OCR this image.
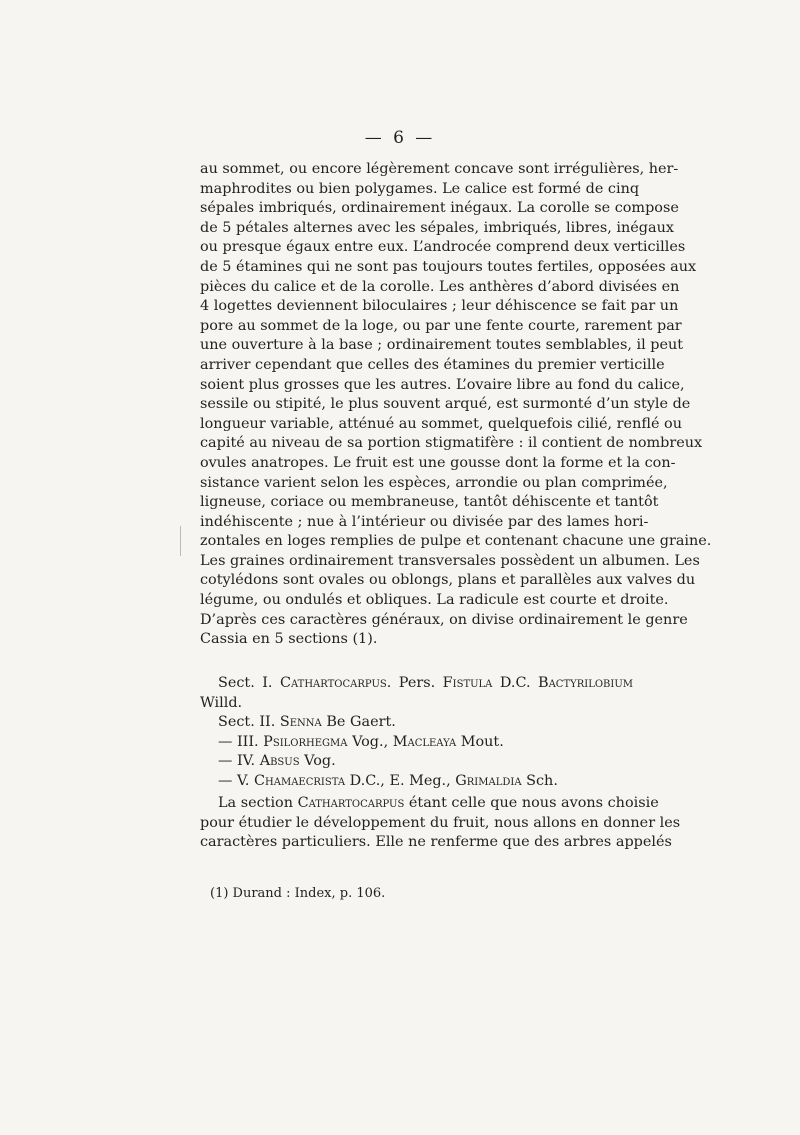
— 6 —
au sommet, ou encore légèrement concave sont irrégulières, her-
maphrodites ou bien polygames. Le calice est formé de cinq
sépales imbriqués, ordinairement inégaux. La corolle se compose
de 5 pétales alternes avec les sépales, imbriqués, libres, inégaux
ou presque égaux entre eux. L’androcée comprend deux verticilles
de 5 étamines qui ne sont pas toujours toutes fertiles, opposées aux
pièces du calice et de la corolle. Les anthères d’abord divisées en
4 logettes deviennent biloculaires ; leur déhiscence se fait par un
pore au sommet de la loge, ou par une fente courte, rarement par
une ouverture à la base ; ordinairement toutes semblables, il peut
arriver cependant que celles des étamines du premier verticille
soient plus grosses que les autres. L’ovaire libre au fond du calice,
sessile ou stipité, le plus souvent arqué, est surmonté d’un style de
longueur variable, atténué au sommet, quelquefois cilié, renflé ou
capité au niveau de sa portion stigmatifère : il contient de nombreux
ovules anatropes. Le fruit est une gousse dont la forme et la con-
sistance varient selon les espèces, arrondie ou plan comprimée,
ligneuse, coriace ou membraneuse, tantôt déhiscente et tantôt
indéhiscente ; nue à l’intérieur ou divisée par des lames hori-
zontales en loges remplies de pulpe et contenant chacune une graine.
Les graines ordinairement transversales possèdent un albumen. Les
cotylédons sont ovales ou oblongs, plans et parallèles aux valves du
légume, ou ondulés et obliques. La radicule est courte et droite.
D’après ces caractères généraux, on divise ordinairement le genre
Cassia en 5 sections (1).
Sect. I. Cathartocarpus. Pers. Fistula D.C. Bactyrilobium
Willd.
Sect. II. Senna Be Gaert.
— III. Psilorhegma Vog., Macleaya Mout.
— IV. Absus Vog.
— V. Chamaecrista D.C., E. Meg., Grimaldia Sch.
La section Cathartocarpus étant celle que nous avons choisie
pour étudier le développement du fruit, nous allons en donner les
caractères particuliers. Elle ne renferme que des arbres appelés
(1) Durand : Index, p. 106.
